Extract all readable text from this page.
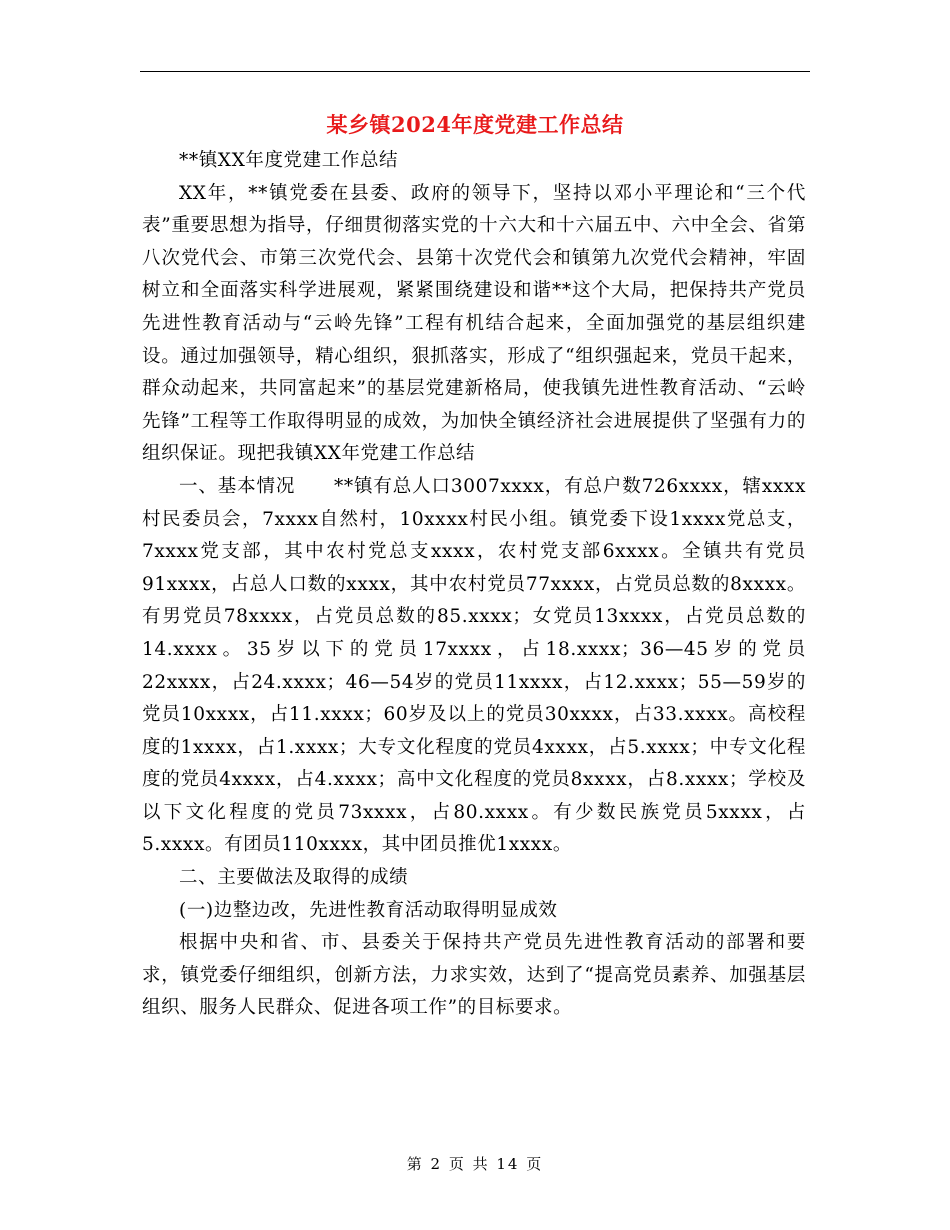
某乡镇2024年度党建工作总结

**镇XX年度党建工作总结

XX年，**镇党委在县委、政府的领导下，坚持以邓小平理论和“三个代表”重要思想为指导，仔细贯彻落实党的十六大和十六届五中、六中全会、省第八次党代会、市第三次党代会、县第十次党代会和镇第九次党代会精神，牢固树立和全面落实科学进展观，紧紧围绕建设和谐**这个大局，把保持共产党员先进性教育活动与“云岭先锋”工程有机结合起来，全面加强党的基层组织建设。通过加强领导，精心组织，狠抓落实，形成了“组织强起来，党员干起来，群众动起来，共同富起来”的基层党建新格局，使我镇先进性教育活动、“云岭先锋”工程等工作取得明显的成效，为加快全镇经济社会进展提供了坚强有力的组织保证。现把我镇XX年党建工作总结

一、基本情况　　**镇有总人口3007xxxx，有总户数726xxxx，辖xxxx村民委员会，7xxxx自然村，10xxxx村民小组。镇党委下设1xxxx党总支，7xxxx党支部，其中农村党总支xxxx，农村党支部6xxxx。全镇共有党员91xxxx，占总人口数的xxxx，其中农村党员77xxxx，占党员总数的8xxxx。有男党员78xxxx，占党员总数的85.xxxx；女党员13xxxx，占党员总数的14.xxxx。35岁以下的党员17xxxx，占18.xxxx；36—45岁的党员22xxxx，占24.xxxx；46—54岁的党员11xxxx，占12.xxxx；55—59岁的党员10xxxx，占11.xxxx；60岁及以上的党员30xxxx，占33.xxxx。高校程度的1xxxx，占1.xxxx；大专文化程度的党员4xxxx，占5.xxxx；中专文化程度的党员4xxxx，占4.xxxx；高中文化程度的党员8xxxx，占8.xxxx；学校及以下文化程度的党员73xxxx，占80.xxxx。有少数民族党员5xxxx，占5.xxxx。有团员110xxxx，其中团员推优1xxxx。

二、主要做法及取得的成绩

(一)边整边改，先进性教育活动取得明显成效

根据中央和省、市、县委关于保持共产党员先进性教育活动的部署和要求，镇党委仔细组织，创新方法，力求实效，达到了“提高党员素养、加强基层组织、服务人民群众、促进各项工作”的目标要求。

第 2 页 共 14 页
